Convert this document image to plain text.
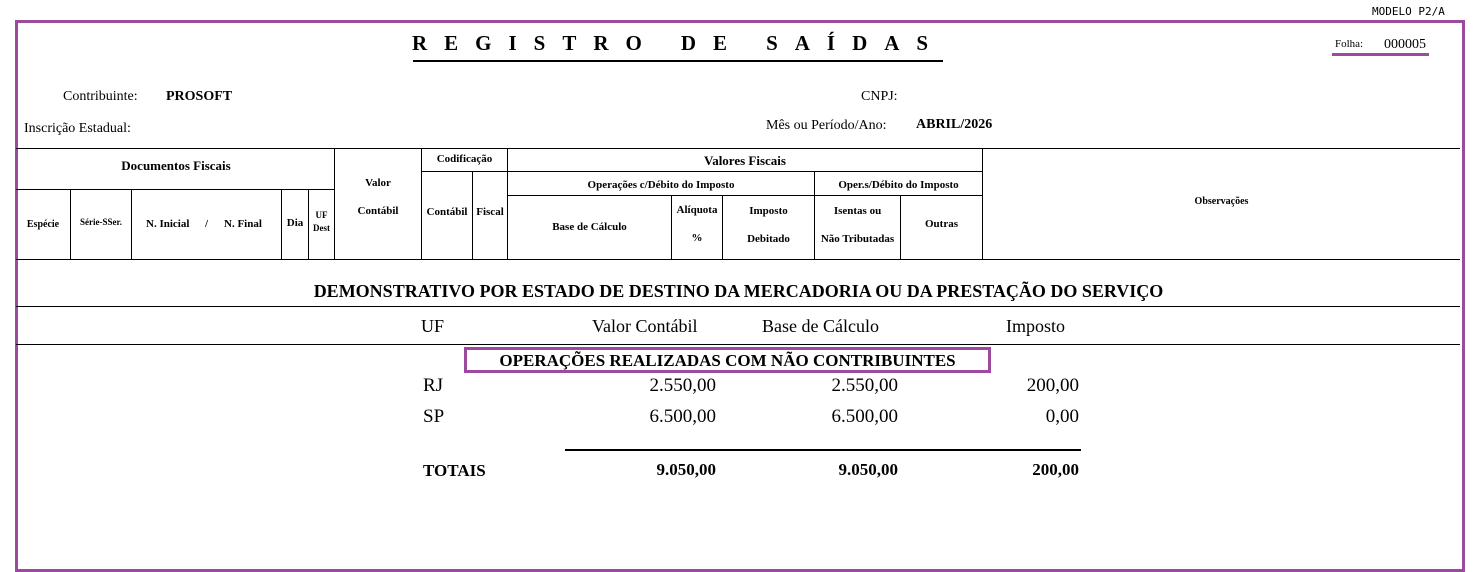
MODELO P2/A
REGISTRO DE SAÍDAS	Folha: 000005
Contribuinte: PROSOFT	CNPJ:
Inscrição Estadual:	Mês ou Período/Ano: ABRIL/2026
Documentos Fiscais
Espécie	Série-SSer.	N. Inicial / N. Final	Dia
UF
Dest
Valor
Contábil
Codificação
Contábil Fiscal
Valores Fiscais
Operações c/Débito do Imposto	Oper.s/Débito do Imposto
Base de Cálculo
Alíquota
%
Imposto
Debitado
Isentas ou
Não Tributadas
Outras
Observações
DEMONSTRATIVO POR ESTADO DE DESTINO DA MERCADORIA OU DA PRESTAÇÃO DO SERVIÇO
UF	Valor Contábil	Base de Cálculo	Imposto
OPERAÇÕES REALIZADAS COM NÃO CONTRIBUINTES
RJ	2.550,00	2.550,00	200,00
SP	6.500,00	6.500,00	0,00
TOTAIS	9.050,00	9.050,00	200,00
